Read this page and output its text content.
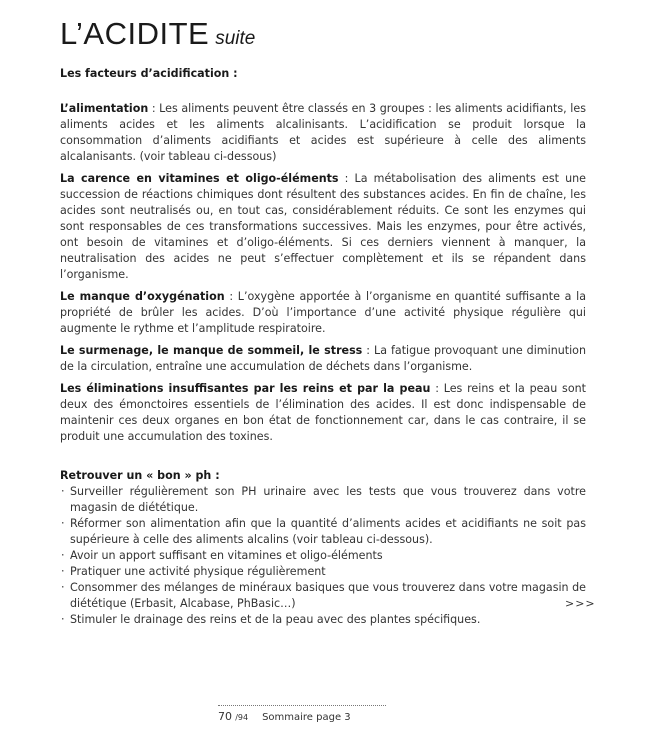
L’ACIDITE suite
Les facteurs d’acidification :
L’alimentation : Les aliments peuvent être classés en 3 groupes : les aliments acidifiants, les aliments acides et les aliments alcalinisants. L’acidification se produit lorsque la consommation d’aliments acidifiants et acides est supérieure à celle des aliments alcalanisants. (voir tableau ci-dessous)
La carence en vitamines et oligo-éléments : La métabolisation des aliments est une succession de réactions chimiques dont résultent des substances acides. En fin de chaîne, les acides sont neutralisés ou, en tout cas, considérablement réduits. Ce sont les enzymes qui sont responsables de ces transformations successives. Mais les enzymes, pour être activés, ont besoin de vitamines et d’oligo-éléments. Si ces derniers viennent à manquer, la neutralisation des acides ne peut s’effectuer complètement et ils se répandent dans l’organisme.
Le manque d’oxygénation : L’oxygène apportée à l’organisme en quantité suffisante a la propriété de brûler les acides. D’où l’importance d’une activité physique régulière qui augmente le rythme et l’amplitude respiratoire.
Le surmenage, le manque de sommeil, le stress : La fatigue provoquant une diminution de la circulation, entraîne une accumulation de déchets dans l’organisme.
Les éliminations insuffisantes par les reins et par la peau : Les reins et la peau sont deux des émonctoires essentiels de l’élimination des acides. Il est donc indispensable de maintenir ces deux organes en bon état de fonctionnement car, dans le cas contraire, il se produit une accumulation des toxines.
Retrouver un « bon » ph :
· Surveiller régulièrement son PH urinaire avec les tests que vous trouverez dans votre magasin de diététique.
· Réformer son alimentation afin que la quantité d’aliments acides et acidifiants ne soit pas supérieure à celle des aliments alcalins (voir tableau ci-dessous).
· Avoir un apport suffisant en vitamines et oligo-éléments
· Pratiquer une activité physique régulièrement
· Consommer des mélanges de minéraux basiques que vous trouverez dans votre magasin de diététique (Erbasit, Alcabase, PhBasic…)
· Stimuler le drainage des reins et de la peau avec des plantes spécifiques.
>>>
70 /94 Sommaire page 3
